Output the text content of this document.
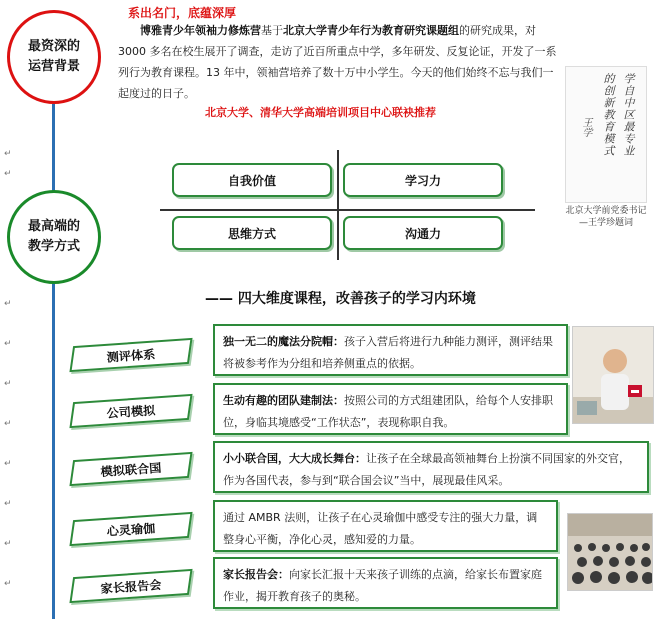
↵
↵
↵
↵
↵
↵
↵
↵
↵
↵
最资深的
运营背景
最高端的
教学方式
系出名门，底蕴深厚
博雅青少年领袖力修炼营基于北京大学青少年行为教育研究课题组的研究成果，对 3000 多名在校生展开了调查，走访了近百所重点中学，多年研发、反复论证，开发了一系列行为教育课程。13 年中，领袖营培养了数十万中小学生。今天的他们始终不忘与我们一起度过的日子。
北京大学、清华大学高端培训项目中心联袂推荐	学自中区最专业
的创新教育模式
王学
北京大学前党委书记
—王学珍题词
自我价值	学习力
思维方式	沟通力
—— 四大维度课程，改善孩子的学习内环境
测评体系
公司模拟
模拟联合国
心灵瑜伽
家长报告会
独一无二的魔法分院帽：孩子入营后将进行九种能力测评，测评结果将被参考作为分组和培养侧重点的依据。
生动有趣的团队建制法：按照公司的方式组建团队，给每个人安排职位，身临其境感受“工作状态”，表现称职自我。
小小联合国，大大成长舞台：让孩子在全球最高领袖舞台上扮演不同国家的外交官，作为各国代表，参与到“联合国会议”当中，展现最佳风采。
通过 AMBR 法则，让孩子在心灵瑜伽中感受专注的强大力量，调整身心平衡，净化心灵，感知爱的力量。
家长报告会：向家长汇报十天来孩子训练的点滴，给家长布置家庭作业，揭开教育孩子的奥秘。
